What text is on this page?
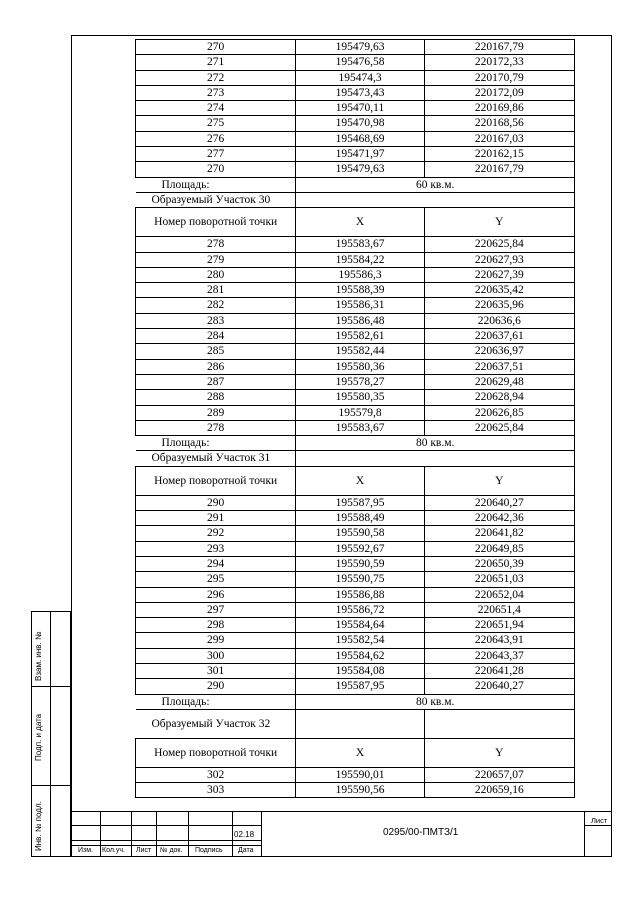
270	195479,63	220167,79
271	195476,58	220172,33
272	195474,3	220170,79
273	195473,43	220172,09
274	195470,11	220169,86
275	195470,98	220168,56
276	195468,69	220167,03
277	195471,97	220162,15
270	195479,63	220167,79
Площадь:	60 кв.м.	
Образуемый Участок 30		
Номер поворотной точки	X	Y
278	195583,67	220625,84
279	195584,22	220627,93
280	195586,3	220627,39
281	195588,39	220635,42
282	195586,31	220635,96
283	195586,48	220636,6
284	195582,61	220637,61
285	195582,44	220636,97
286	195580,36	220637,51
287	195578,27	220629,48
288	195580,35	220628,94
289	195579,8	220626,85
278	195583,67	220625,84
Площадь:	80 кв.м.	
Образуемый Участок 31		
Номер поворотной точки	X	Y
290	195587,95	220640,27
291	195588,49	220642,36
292	195590,58	220641,82
293	195592,67	220649,85
294	195590,59	220650,39
295	195590,75	220651,03
296	195586,88	220652,04
297	195586,72	220651,4
298	195584,64	220651,94
299	195582,54	220643,91
300	195584,62	220643,37
301	195584,08	220641,28
290	195587,95	220640,27
Площадь:	80 кв.м.	
Образуемый Участок 32		
Номер поворотной точки	X	Y
302	195590,01	220657,07
303	195590,56	220659,16
Взам. инв. №
Подп. и дата
Инв. № подл.	Изм. Кол.уч. Лист № док. Подпись Дата
02.18	0295/00-ПМТЗ/1
Лист
